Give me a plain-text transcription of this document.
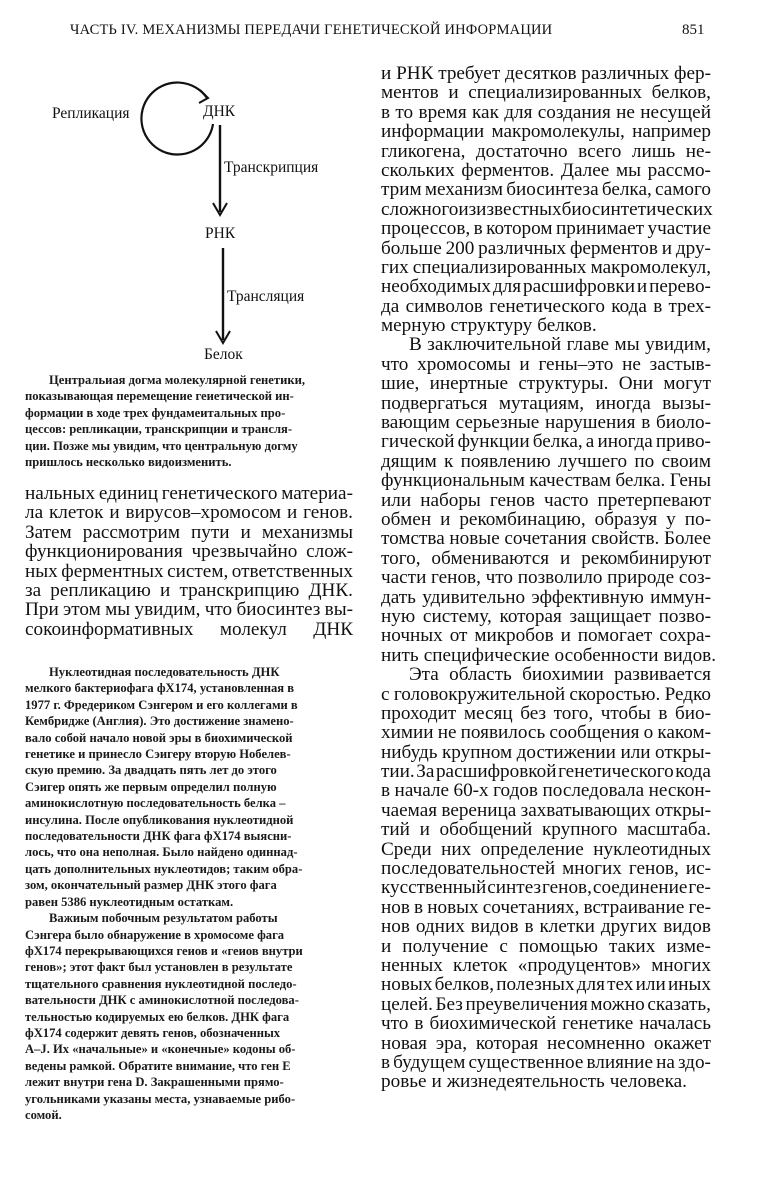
ЧАСТЬ IV. МЕХАНИЗМЫ ПЕРЕДАЧИ ГЕНЕТИЧЕСКОЙ ИНФОРМАЦИИ	851
Репликация	ДНК
Транскрипция
РНК
Трансляция
Белок

Центральиая догма молекулярной генетики,

показывающая перемещение геиетической ин-

формации в ходе трех фундамеитальных про-

цессов: репликации, транскрипции и трансля-

ции. Позже мы увидим, что центральную догму

пришлось несколько видоизменить.

нальных единиц генетического материа-
ла клеток и вирусов–хромосом и генов.
Затем рассмотрим пути и механизмы
функционирования чрезвычайно слож-
ных ферментных систем, ответственных
за репликацию и транскрипцию ДНК.
При этом мы увидим, что биосинтез вы-
сокоинформативных молекул ДНК

Нуклеотидная последовательность ДНК

мелкого бактериофага фХ174, установленная в

1977 г. Фредериком Сэнгером и его коллегами в

Кембридже (Англия). Это достижение знамено-

вало собой начало новой эры в биохимической

генетике и принесло Сэигеру вторую Нобелев-

скую премию. За двадцать пять лет до этого

Сэигер опять же первым определил полную

аминокислотную последовательность белка –

инсулина. После опубликования нуклеотидной

последовательности ДНК фага фХ174 выясни-

лось, что она неполная. Было найдено одиннад-

цать дополнительных нуклеотидов; таким обра-

зом, окончательный размер ДНК этого фага

равен 5386 нуклеотидным остаткам.

Важиым побочным результатом работы

Сэнгера было обнаружение в хромосоме фага

фХ174 перекрывающихся геиов и «геиов внутри

генов»; этот факт был установлен в результате

тщательного сравнения нуклеотидной последо-

вательности ДНК с аминокислотной последова-

тельностью кодируемых ею белков. ДНК фага

фХ174 содержит девять генов, обозначенных

A–J. Их «начальные» и «конечные» кодоны об-

ведены рамкой. Обратите внимание, что ген E

лежит внутри гена D. Закрашенными прямо-

угольниками указаны места, узнаваемые рибо-

сомой.

и РНК требует десятков различных фер-
ментов и специализированных белков,
в то время как для создания не несущей
информации макромолекулы, например
гликогена, достаточно всего лишь не-
скольких ферментов. Далее мы рассмо-
трим механизм биосинтеза белка, самого
сложного из известных биосинтетических
процессов, в котором принимает участие
больше 200 различных ферментов и дру-
гих специализированных макромолекул,
необходимых для расшифровки и перево-
да символов генетического кода в трех-
мерную структуру белков.
В заключительной главе мы увидим,
что хромосомы и гены–это не застыв-
шие, инертные структуры. Они могут
подвергаться мутациям, иногда вызы-
вающим серьезные нарушения в биоло-
гической функции белка, а иногда приво-
дящим к появлению лучшего по своим
функциональным качествам белка. Гены
или наборы генов часто претерпевают
обмен и рекомбинацию, образуя у по-
томства новые сочетания свойств. Более
того, обмениваются и рекомбинируют
части генов, что позволило природе соз-
дать удивительно эффективную иммун-
ную систему, которая защищает позво-
ночных от микробов и помогает сохра-
нить специфические особенности видов.
Эта область биохимии развивается
с головокружительной скоростью. Редко
проходит месяц без того, чтобы в био-
химии не появилось сообщения о каком-
нибудь крупном достижении или откры-
тии. За расшифровкой генетического кода
в начале 60-х годов последовала нескон-
чаемая вереница захватывающих откры-
тий и обобщений крупного масштаба.
Среди них определение нуклеотидных
последовательностей многих генов, ис-
кусственный синтез генов, соединение ге-
нов в новых сочетаниях, встраивание ге-
нов одних видов в клетки других видов
и получение с помощью таких изме-
ненных клеток «продуцентов» многих
новых белков, полезных для тех или иных
целей. Без преувеличения можно сказать,
что в биохимической генетике началась
новая эра, которая несомненно окажет
в будущем существенное влияние на здо-
ровье и жизнедеятельность человека.
